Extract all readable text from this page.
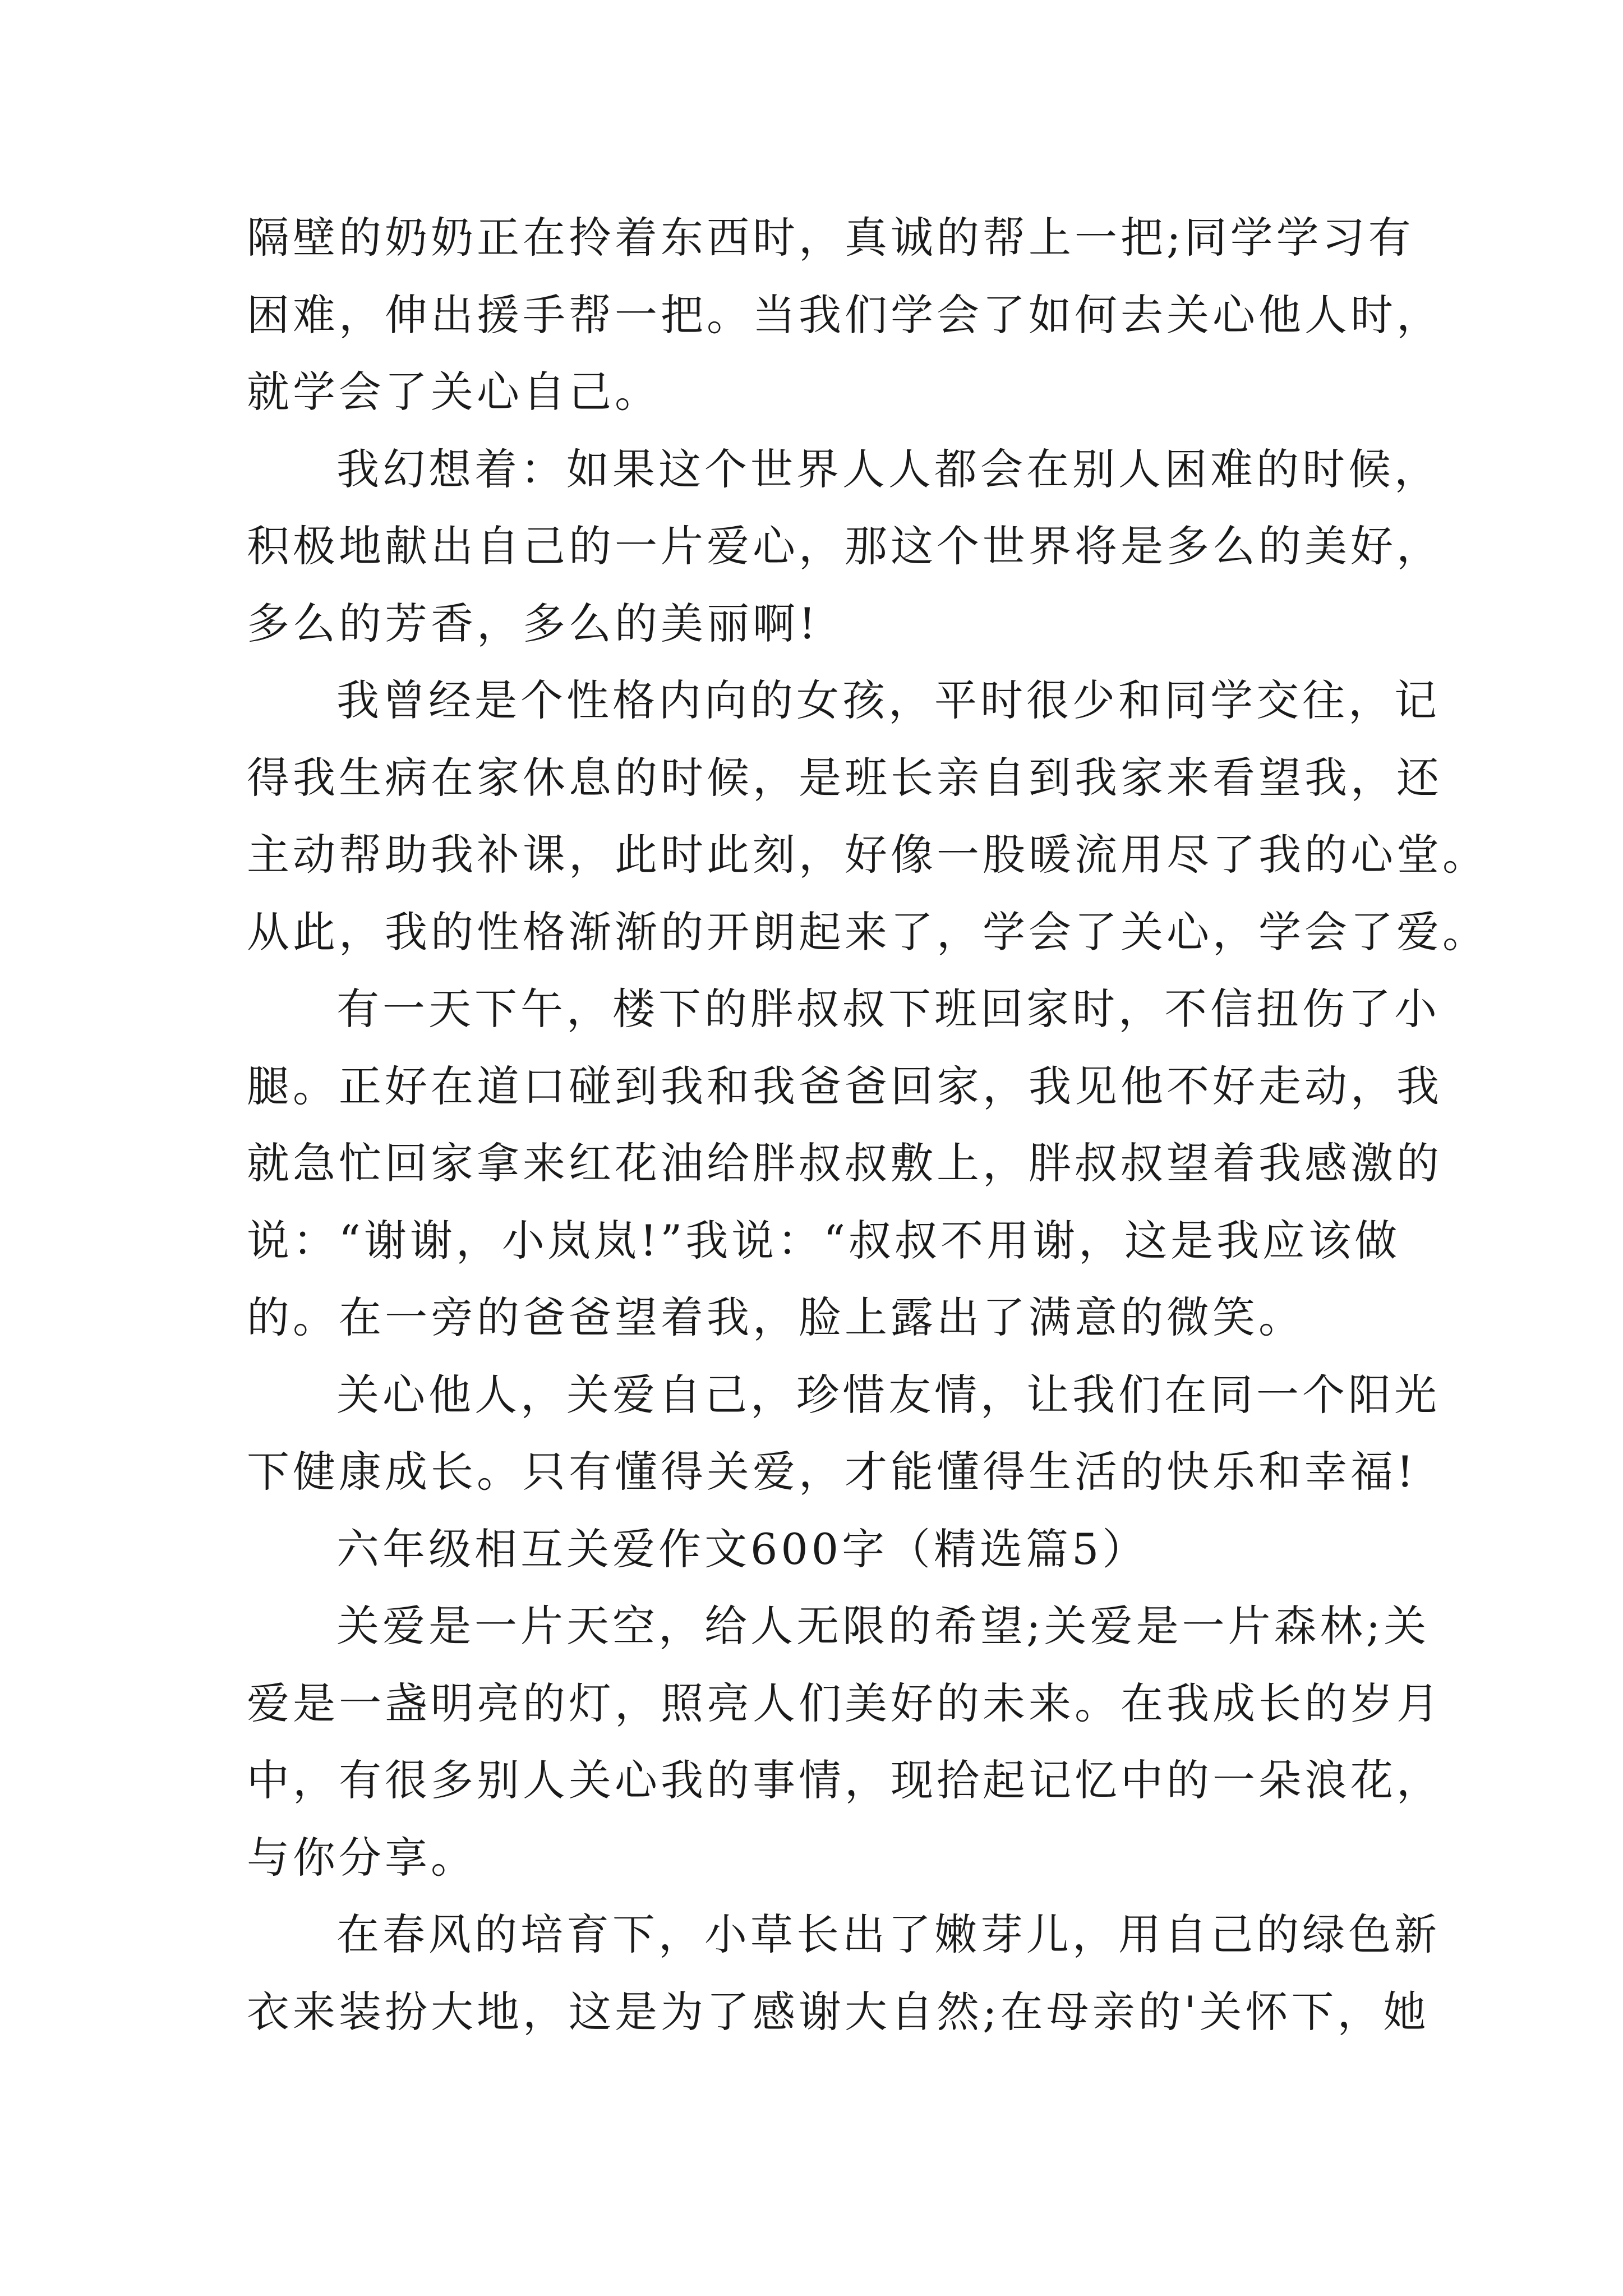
隔壁的奶奶正在拎着东西时，真诚的帮上一把;同学学习有
困难，伸出援手帮一把。当我们学会了如何去关心他人时，
就学会了关心自己。
我幻想着：如果这个世界人人都会在别人困难的时候，
积极地献出自己的一片爱心，那这个世界将是多么的美好，
多么的芳香，多么的美丽啊!
我曾经是个性格内向的女孩，平时很少和同学交往，记
得我生病在家休息的时候，是班长亲自到我家来看望我，还
主动帮助我补课，此时此刻，好像一股暖流用尽了我的心堂。
从此，我的性格渐渐的开朗起来了，学会了关心，学会了爱。
有一天下午，楼下的胖叔叔下班回家时，不信扭伤了小
腿。正好在道口碰到我和我爸爸回家，我见他不好走动，我
就急忙回家拿来红花油给胖叔叔敷上，胖叔叔望着我感激的
说：“谢谢，小岚岚!”我说：“叔叔不用谢，这是我应该做
的。在一旁的爸爸望着我，脸上露出了满意的微笑。
关心他人，关爱自己，珍惜友情，让我们在同一个阳光
下健康成长。只有懂得关爱，才能懂得生活的快乐和幸福!
六年级相互关爱作文600字（精选篇5）
关爱是一片天空，给人无限的希望;关爱是一片森林;关
爱是一盏明亮的灯，照亮人们美好的未来。在我成长的岁月
中，有很多别人关心我的事情，现拾起记忆中的一朵浪花，
与你分享。
在春风的培育下，小草长出了嫩芽儿，用自己的绿色新
衣来装扮大地，这是为了感谢大自然;在母亲的'关怀下，她
